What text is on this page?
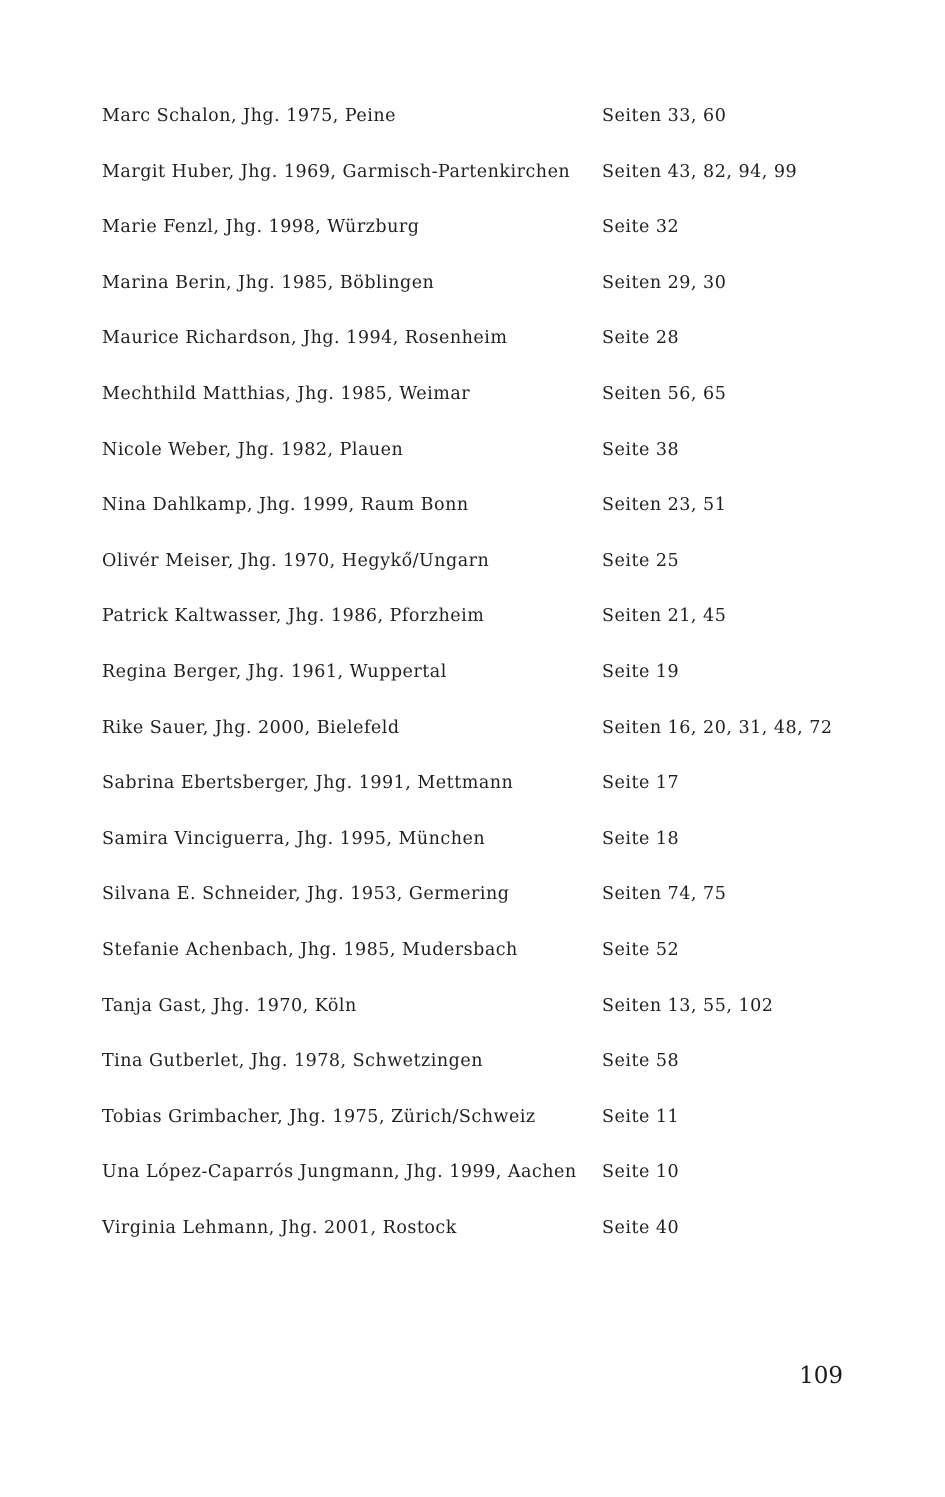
Marc Schalon, Jhg. 1975, Peine	Seiten 33, 60
Margit Huber, Jhg. 1969, Garmisch-Partenkirchen	Seiten 43, 82, 94, 99
Marie Fenzl, Jhg. 1998, Würzburg	Seite 32
Marina Berin, Jhg. 1985, Böblingen	Seiten 29, 30
Maurice Richardson, Jhg. 1994, Rosenheim	Seite 28
Mechthild Matthias, Jhg. 1985, Weimar	Seiten 56, 65
Nicole Weber, Jhg. 1982, Plauen	Seite 38
Nina Dahlkamp, Jhg. 1999, Raum Bonn	Seiten 23, 51
Olivér Meiser, Jhg. 1970, Hegykő/Ungarn	Seite 25
Patrick Kaltwasser, Jhg. 1986, Pforzheim	Seiten 21, 45
Regina Berger, Jhg. 1961, Wuppertal	Seite 19
Rike Sauer, Jhg. 2000, Bielefeld	Seiten 16, 20, 31, 48, 72
Sabrina Ebertsberger, Jhg. 1991, Mettmann	Seite 17
Samira Vinciguerra, Jhg. 1995, München	Seite 18
Silvana E. Schneider, Jhg. 1953, Germering	Seiten 74, 75
Stefanie Achenbach, Jhg. 1985, Mudersbach	Seite 52
Tanja Gast, Jhg. 1970, Köln	Seiten 13, 55, 102
Tina Gutberlet, Jhg. 1978, Schwetzingen	Seite 58
Tobias Grimbacher, Jhg. 1975, Zürich/Schweiz	Seite 11
Una López-Caparrós Jungmann, Jhg. 1999, Aachen	Seite 10
Virginia Lehmann, Jhg. 2001, Rostock	Seite 40
109
